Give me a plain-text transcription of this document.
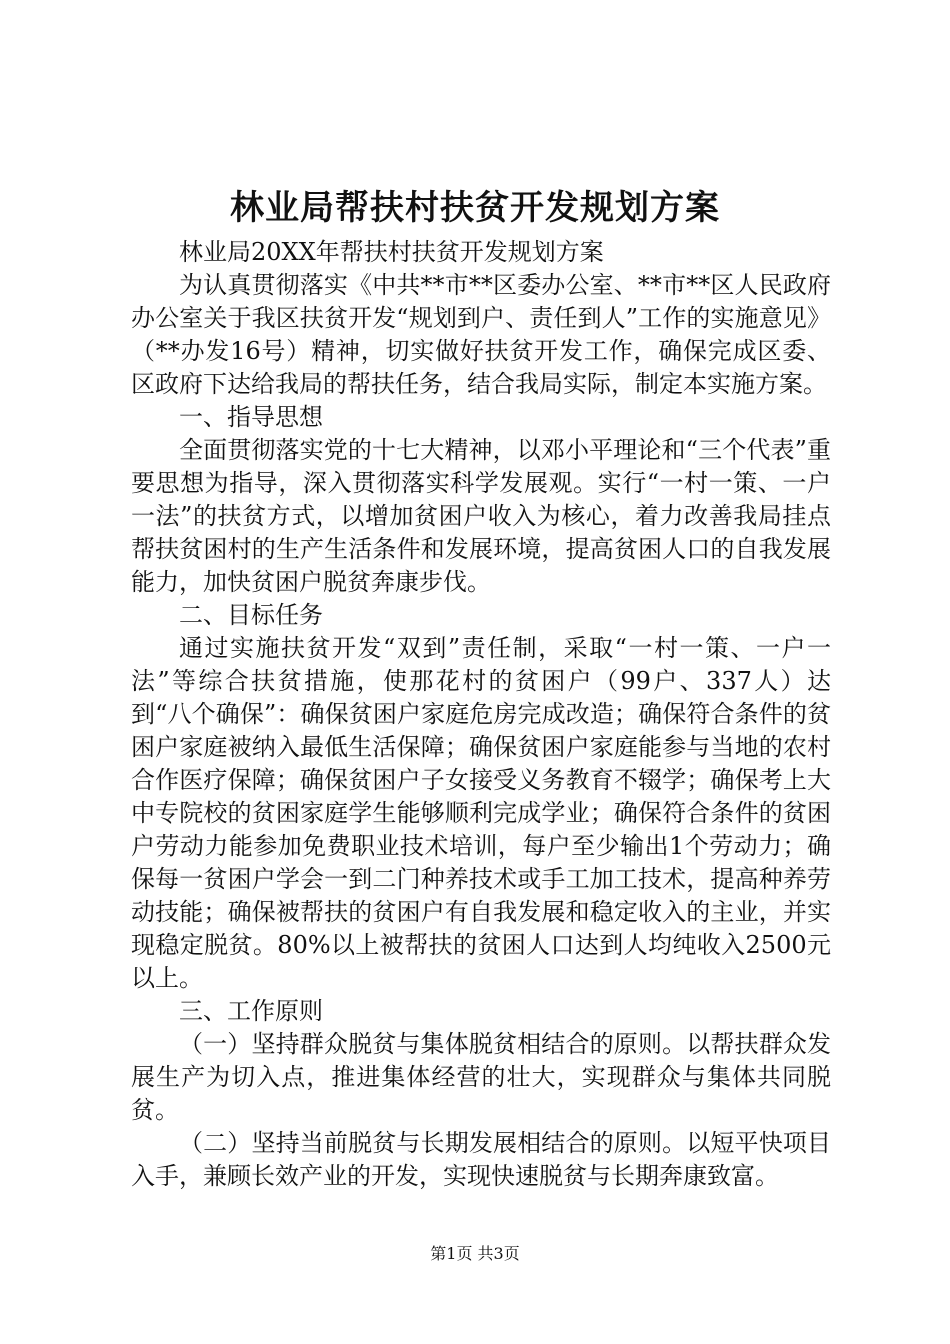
林业局帮扶村扶贫开发规划方案

林业局20XX年帮扶村扶贫开发规划方案

为认真贯彻落实《中共**市**区委办公室、**市**区人民政府办公室关于我区扶贫开发“规划到户、责任到人”工作的实施意见》（**办发16号）精神，切实做好扶贫开发工作，确保完成区委、区政府下达给我局的帮扶任务，结合我局实际，制定本实施方案。

一、指导思想

全面贯彻落实党的十七大精神，以邓小平理论和“三个代表”重要思想为指导，深入贯彻落实科学发展观。实行“一村一策、一户一法”的扶贫方式，以增加贫困户收入为核心，着力改善我局挂点帮扶贫困村的生产生活条件和发展环境，提高贫困人口的自我发展能力，加快贫困户脱贫奔康步伐。

二、目标任务

通过实施扶贫开发“双到”责任制，采取“一村一策、一户一法”等综合扶贫措施，使那花村的贫困户（99户、337人）达到“八个确保”：确保贫困户家庭危房完成改造；确保符合条件的贫困户家庭被纳入最低生活保障；确保贫困户家庭能参与当地的农村合作医疗保障；确保贫困户子女接受义务教育不辍学；确保考上大中专院校的贫困家庭学生能够顺利完成学业；确保符合条件的贫困户劳动力能参加免费职业技术培训，每户至少输出1个劳动力；确保每一贫困户学会一到二门种养技术或手工加工技术，提高种养劳动技能；确保被帮扶的贫困户有自我发展和稳定收入的主业，并实现稳定脱贫。80%以上被帮扶的贫困人口达到人均纯收入2500元以上。

三、工作原则

（一）坚持群众脱贫与集体脱贫相结合的原则。以帮扶群众发展生产为切入点，推进集体经营的壮大，实现群众与集体共同脱贫。

（二）坚持当前脱贫与长期发展相结合的原则。以短平快项目入手，兼顾长效产业的开发，实现快速脱贫与长期奔康致富。

第1页 共3页
